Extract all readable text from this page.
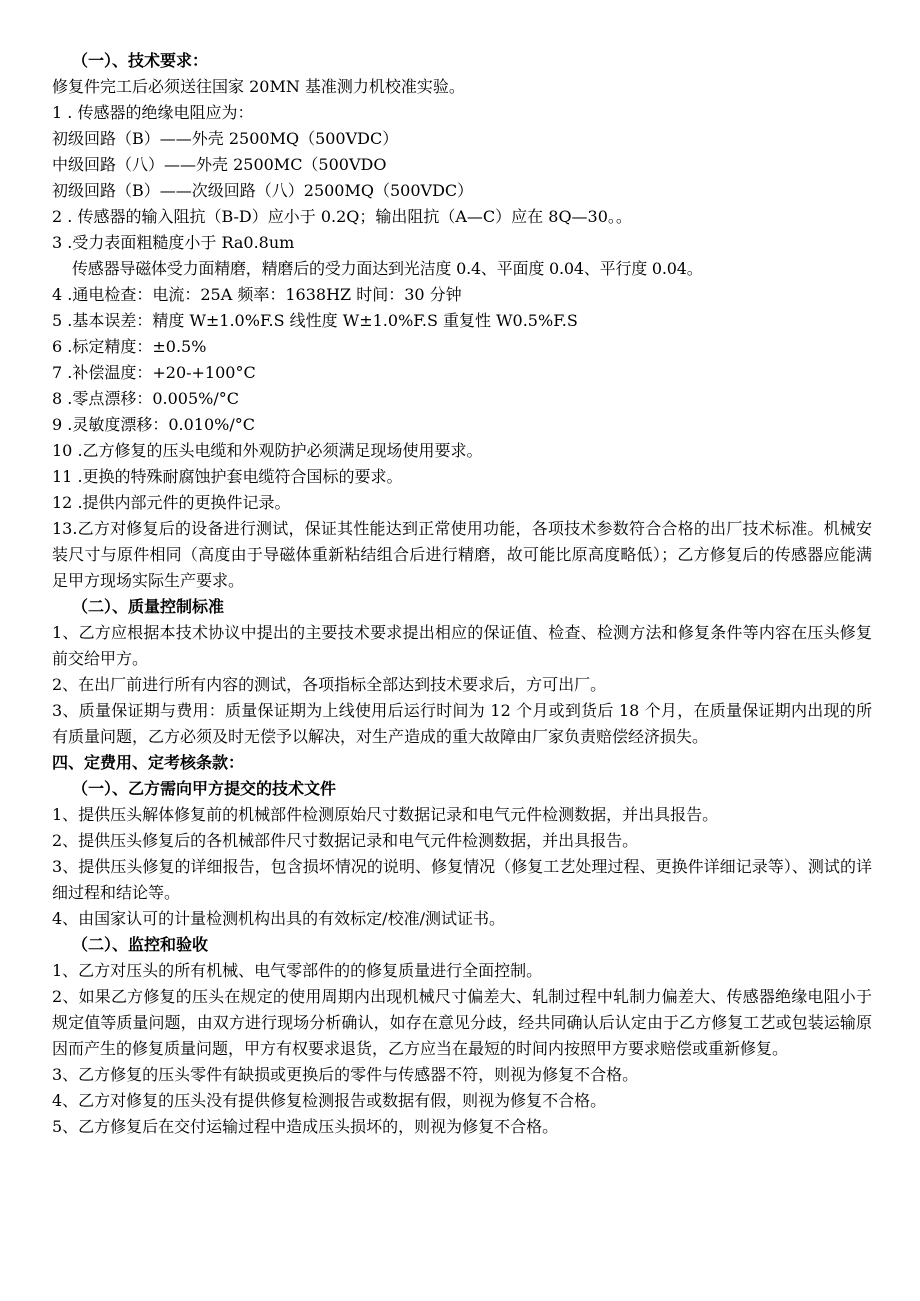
（一）、技术要求：

修复件完工后必须送往国家 20MN 基准测力机校准实验。

1 . 传感器的绝缘电阻应为：

初级回路（B）——外壳 2500MQ（500VDC）

中级回路（八）——外壳 2500MC（500VDO

初级回路（B）——次级回路（八）2500MQ（500VDC）

2 . 传感器的输入阻抗（B-D）应小于 0.2Q；输出阻抗（A—C）应在 8Q—30。。

3 .受力表面粗糙度小于 Ra0.8um

传感器导磁体受力面精磨，精磨后的受力面达到光洁度 0.4、平面度 0.04、平行度 0.04。

4 .通电检查：电流：25A 频率：1638HZ 时间：30 分钟

5 .基本误差：精度 W±1.0%F.S 线性度 W±1.0%F.S 重复性 W0.5%F.S

6 .标定精度：±0.5%

7 .补偿温度：+20-+100°C

8 .零点漂移：0.005%/°C

9 .灵敏度漂移：0.010%/°C

10 .乙方修复的压头电缆和外观防护必须满足现场使用要求。

11 .更换的特殊耐腐蚀护套电缆符合国标的要求。

12 .提供内部元件的更换件记录。

13.乙方对修复后的设备进行测试，保证其性能达到正常使用功能，各项技术参数符合合格的出厂技术标准。机械安装尺寸与原件相同（高度由于导磁体重新粘结组合后进行精磨，故可能比原高度略低）；乙方修复后的传感器应能满足甲方现场实际生产要求。

（二）、质量控制标准

1、乙方应根据本技术协议中提出的主要技术要求提出相应的保证值、检查、检测方法和修复条件等内容在压头修复前交给甲方。

2、在出厂前进行所有内容的测试，各项指标全部达到技术要求后，方可出厂。

3、质量保证期与费用：质量保证期为上线使用后运行时间为 12 个月或到货后 18 个月，在质量保证期内出现的所有质量问题，乙方必须及时无偿予以解决，对生产造成的重大故障由厂家负责赔偿经济损失。

四、定费用、定考核条款：

（一）、乙方需向甲方提交的技术文件

1、提供压头解体修复前的机械部件检测原始尺寸数据记录和电气元件检测数据，并出具报告。

2、提供压头修复后的各机械部件尺寸数据记录和电气元件检测数据，并出具报告。

3、提供压头修复的详细报告，包含损坏情况的说明、修复情况（修复工艺处理过程、更换件详细记录等）、测试的详细过程和结论等。

4、由国家认可的计量检测机构出具的有效标定/校准/测试证书。

（二）、监控和验收

1、乙方对压头的所有机械、电气零部件的的修复质量进行全面控制。

2、如果乙方修复的压头在规定的使用周期内出现机械尺寸偏差大、轧制过程中轧制力偏差大、传感器绝缘电阻小于规定值等质量问题，由双方进行现场分析确认，如存在意见分歧，经共同确认后认定由于乙方修复工艺或包装运输原因而产生的修复质量问题，甲方有权要求退货，乙方应当在最短的时间内按照甲方要求赔偿或重新修复。

3、乙方修复的压头零件有缺损或更换后的零件与传感器不符，则视为修复不合格。

4、乙方对修复的压头没有提供修复检测报告或数据有假，则视为修复不合格。

5、乙方修复后在交付运输过程中造成压头损坏的，则视为修复不合格。
